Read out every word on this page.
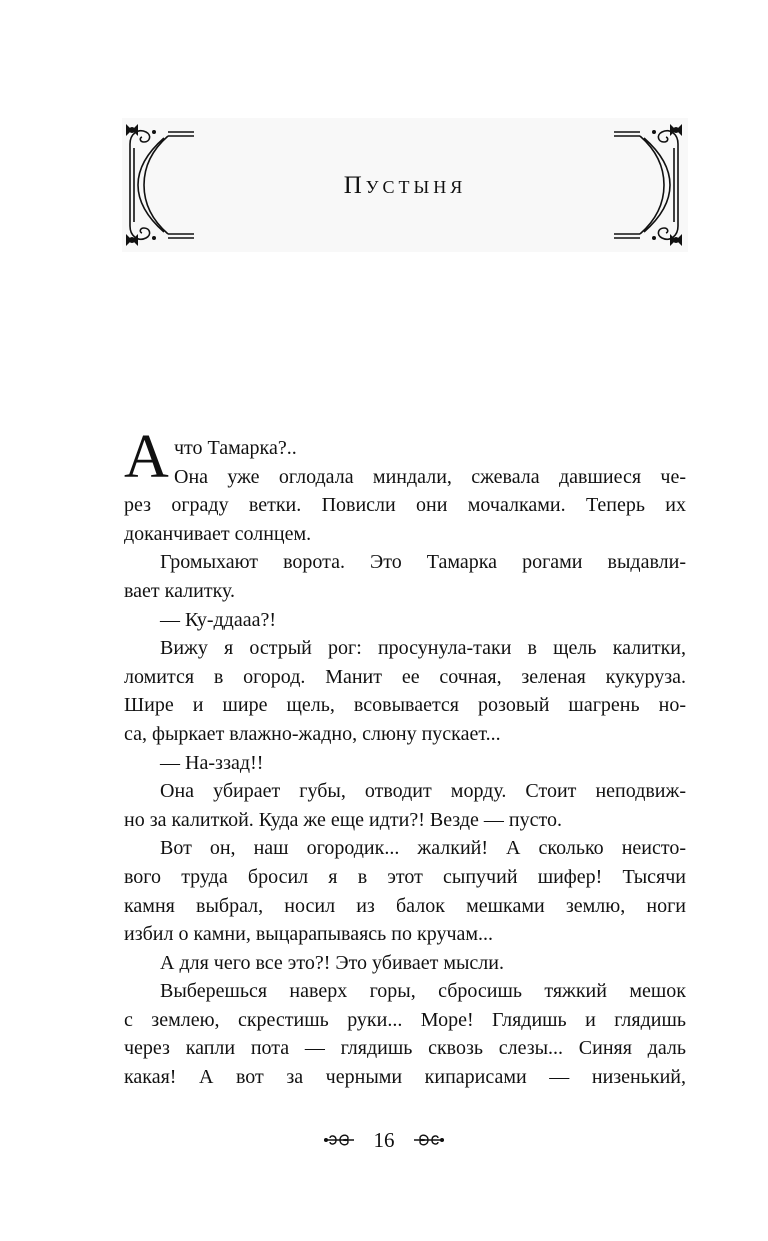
Пустыня
А что Тамарка?..
Она уже оглодала миндали, сжевала давшиеся че-
рез ограду ветки. Повисли они мочалками. Теперь их
доканчивает солнцем.
Громыхают ворота. Это Тамарка рогами выдавли-
вает калитку.
— Ку-ддааа?!
Вижу я острый рог: просунула-таки в щель калитки,
ломится в огород. Манит ее сочная, зеленая кукуруза.
Шире и шире щель, всовывается розовый шагрень но-
са, фыркает влажно-жадно, слюну пускает...
— На-ззад!!
Она убирает губы, отводит морду. Стоит неподвиж-
но за калиткой. Куда же еще идти?! Везде — пусто.
Вот он, наш огородик... жалкий! А сколько неисто-
вого труда бросил я в этот сыпучий шифер! Тысячи
камня выбрал, носил из балок мешками землю, ноги
избил о камни, выцарапываясь по кручам...
А для чего все это?! Это убивает мысли.
Выберешься наверх горы, сбросишь тяжкий мешок
с землею, скрестишь руки... Море! Глядишь и глядишь
через капли пота — глядишь сквозь слезы... Синяя даль
какая! А вот за черными кипарисами — низенький,
16
